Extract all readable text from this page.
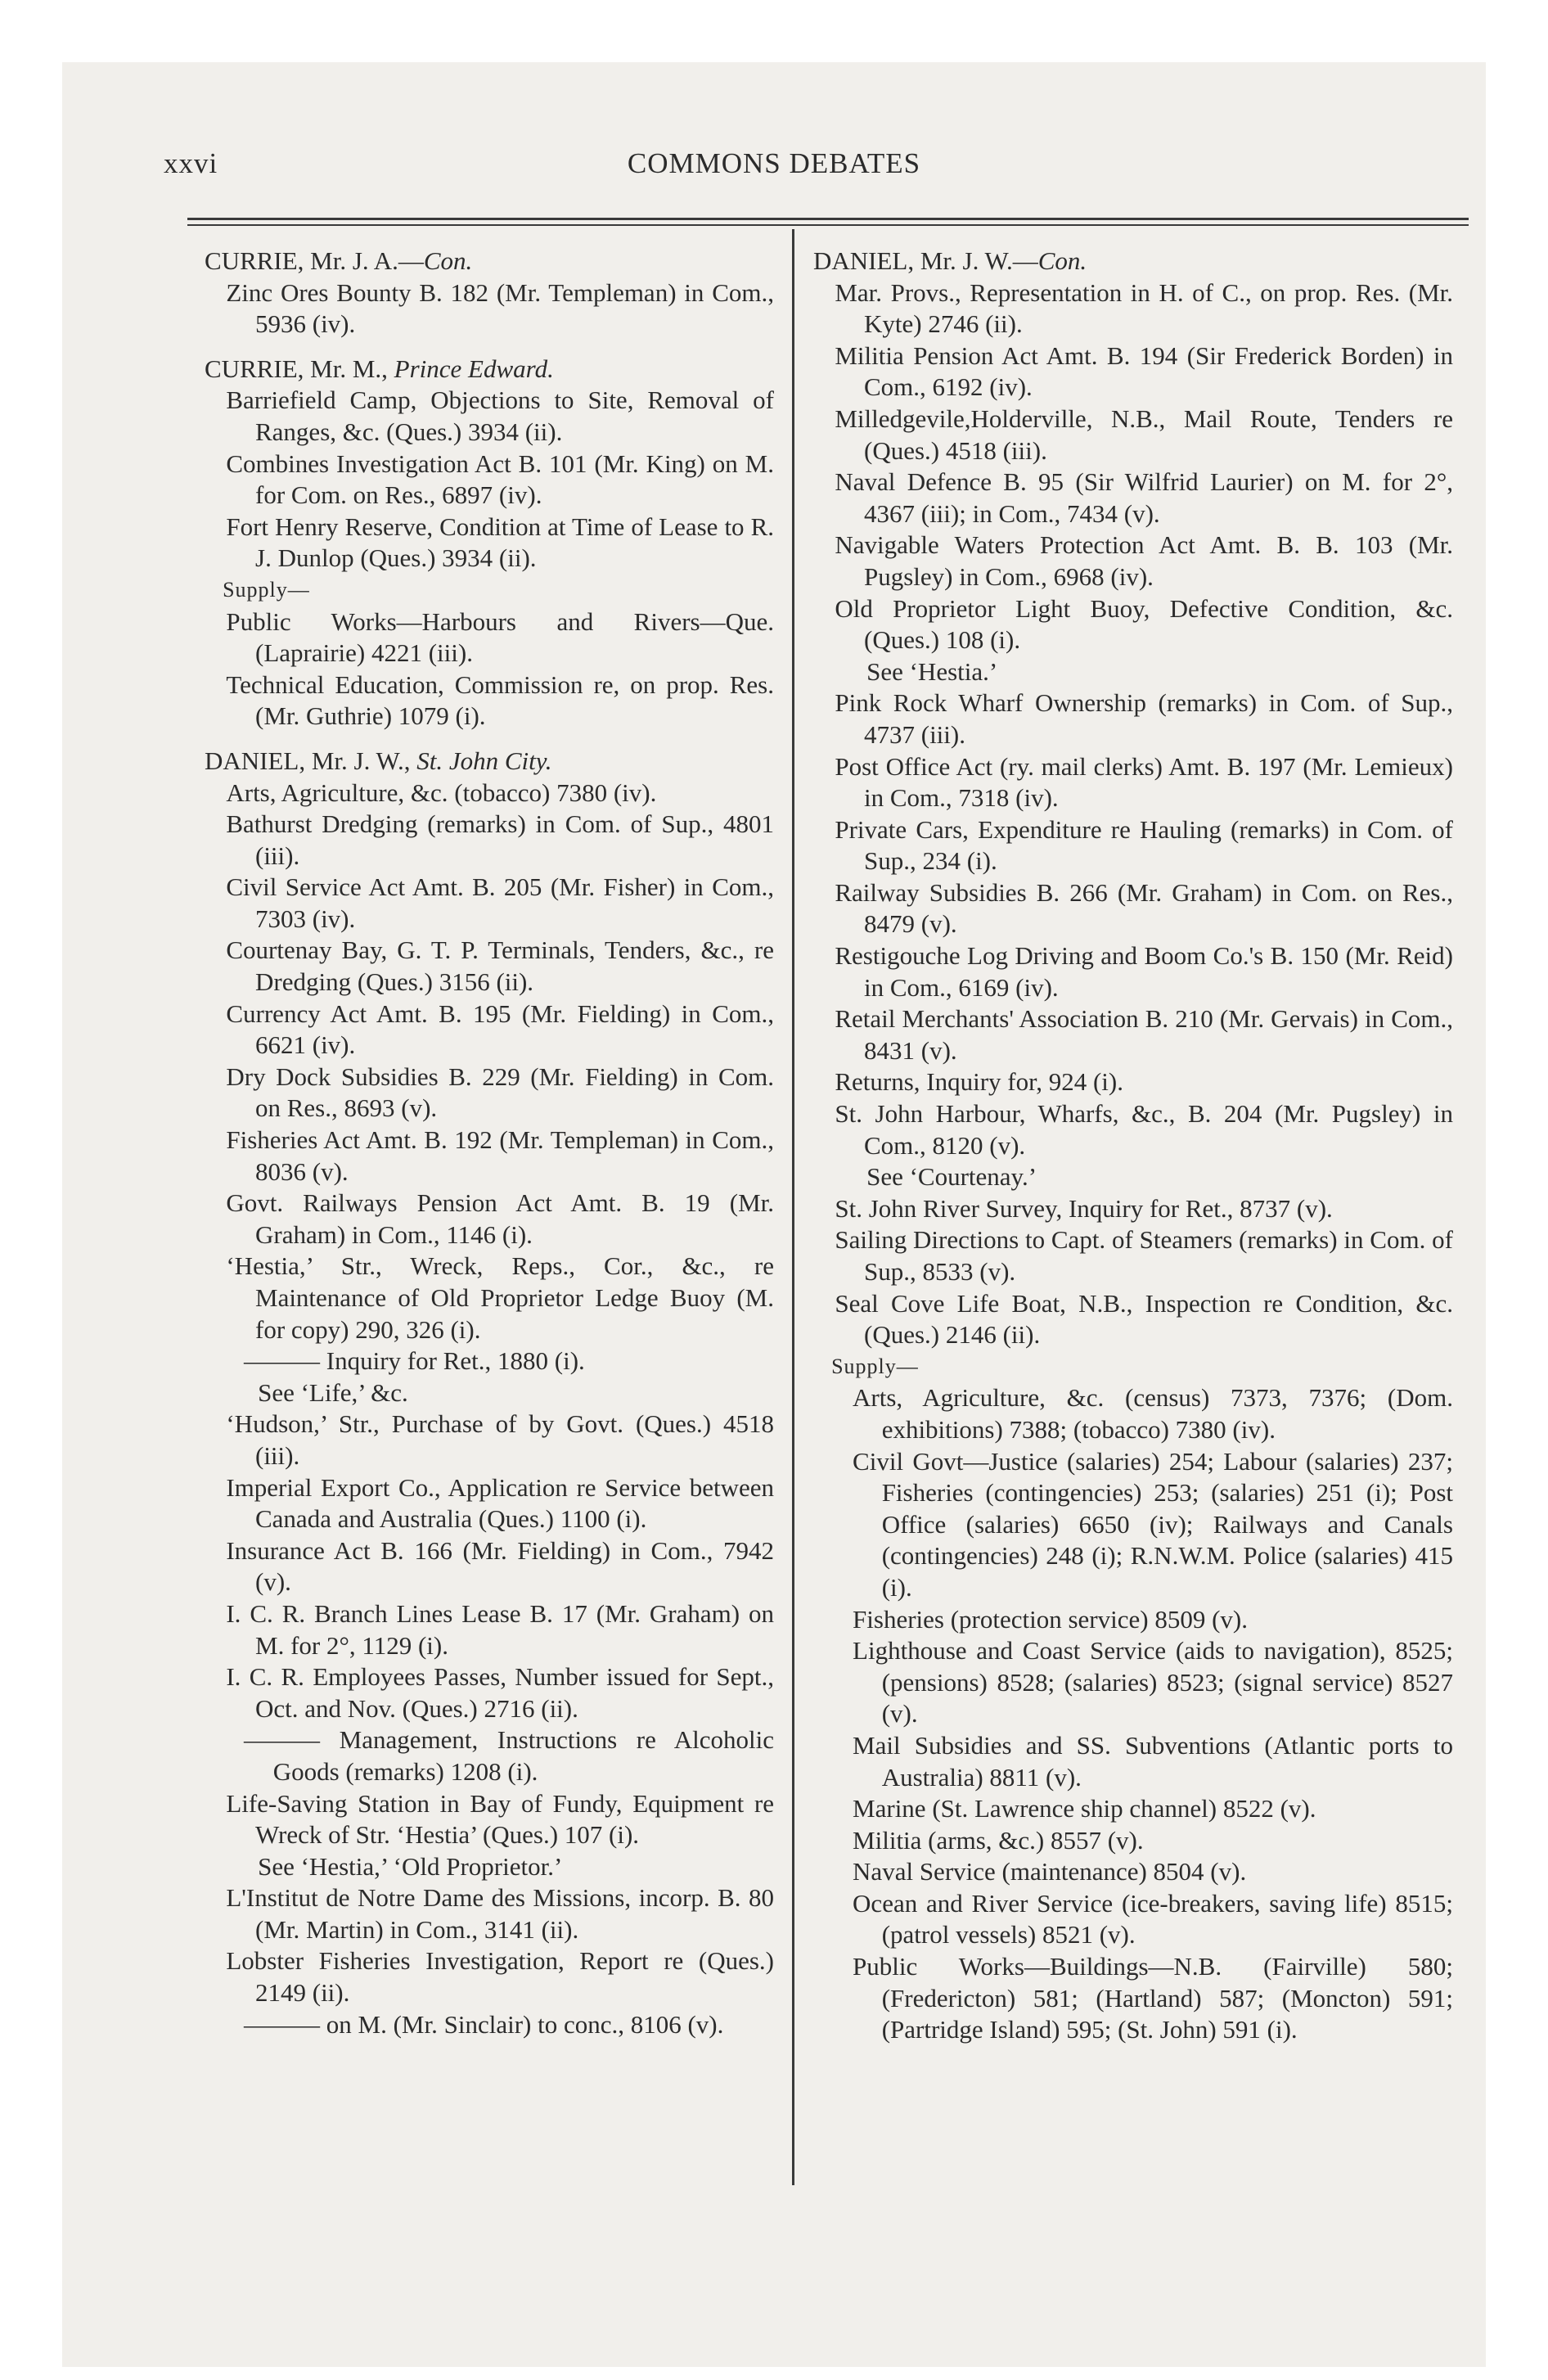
xxvi	COMMONS DEBATES

CURRIE, Mr. J. A.—Con.

Zinc Ores Bounty B. 182 (Mr. Templeman) in Com., 5936 (iv).

CURRIE, Mr. M., Prince Edward.

Barriefield Camp, Objections to Site, Removal of Ranges, &c. (Ques.) 3934 (ii).

Combines Investigation Act B. 101 (Mr. King) on M. for Com. on Res., 6897 (iv).

Fort Henry Reserve, Condition at Time of Lease to R. J. Dunlop (Ques.) 3934 (ii).

Supply—

Public Works—Harbours and Rivers—Que. (Laprairie) 4221 (iii).

Technical Education, Commission re, on prop. Res. (Mr. Guthrie) 1079 (i).

DANIEL, Mr. J. W., St. John City.

Arts, Agriculture, &c. (tobacco) 7380 (iv).

Bathurst Dredging (remarks) in Com. of Sup., 4801 (iii).

Civil Service Act Amt. B. 205 (Mr. Fisher) in Com., 7303 (iv).

Courtenay Bay, G. T. P. Terminals, Tenders, &c., re Dredging (Ques.) 3156 (ii).

Currency Act Amt. B. 195 (Mr. Fielding) in Com., 6621 (iv).

Dry Dock Subsidies B. 229 (Mr. Fielding) in Com. on Res., 8693 (v).

Fisheries Act Amt. B. 192 (Mr. Templeman) in Com., 8036 (v).

Govt. Railways Pension Act Amt. B. 19 (Mr. Graham) in Com., 1146 (i).

‘Hestia,’ Str., Wreck, Reps., Cor., &c., re Maintenance of Old Proprietor Ledge Buoy (M. for copy) 290, 326 (i).

——— Inquiry for Ret., 1880 (i).

See ‘Life,’ &c.

‘Hudson,’ Str., Purchase of by Govt. (Ques.) 4518 (iii).

Imperial Export Co., Application re Service between Canada and Australia (Ques.) 1100 (i).

Insurance Act B. 166 (Mr. Fielding) in Com., 7942 (v).

I. C. R. Branch Lines Lease B. 17 (Mr. Graham) on M. for 2°, 1129 (i).

I. C. R. Employees Passes, Number issued for Sept., Oct. and Nov. (Ques.) 2716 (ii).

——— Management, Instructions re Alcoholic Goods (remarks) 1208 (i).

Life-Saving Station in Bay of Fundy, Equipment re Wreck of Str. ‘Hestia’ (Ques.) 107 (i).

See ‘Hestia,’ ‘Old Proprietor.’

L'Institut de Notre Dame des Missions, incorp. B. 80 (Mr. Martin) in Com., 3141 (ii).

Lobster Fisheries Investigation, Report re (Ques.) 2149 (ii).

——— on M. (Mr. Sinclair) to conc., 8106 (v).

DANIEL, Mr. J. W.—Con.

Mar. Provs., Representation in H. of C., on prop. Res. (Mr. Kyte) 2746 (ii).

Militia Pension Act Amt. B. 194 (Sir Frederick Borden) in Com., 6192 (iv).

Milledgevile,Holderville, N.B., Mail Route, Tenders re (Ques.) 4518 (iii).

Naval Defence B. 95 (Sir Wilfrid Laurier) on M. for 2°, 4367 (iii); in Com., 7434 (v).

Navigable Waters Protection Act Amt. B. B. 103 (Mr. Pugsley) in Com., 6968 (iv).

Old Proprietor Light Buoy, Defective Condition, &c. (Ques.) 108 (i).

See ‘Hestia.’

Pink Rock Wharf Ownership (remarks) in Com. of Sup., 4737 (iii).

Post Office Act (ry. mail clerks) Amt. B. 197 (Mr. Lemieux) in Com., 7318 (iv).

Private Cars, Expenditure re Hauling (remarks) in Com. of Sup., 234 (i).

Railway Subsidies B. 266 (Mr. Graham) in Com. on Res., 8479 (v).

Restigouche Log Driving and Boom Co.'s B. 150 (Mr. Reid) in Com., 6169 (iv).

Retail Merchants' Association B. 210 (Mr. Gervais) in Com., 8431 (v).

Returns, Inquiry for, 924 (i).

St. John Harbour, Wharfs, &c., B. 204 (Mr. Pugsley) in Com., 8120 (v).

See ‘Courtenay.’

St. John River Survey, Inquiry for Ret., 8737 (v).

Sailing Directions to Capt. of Steamers (remarks) in Com. of Sup., 8533 (v).

Seal Cove Life Boat, N.B., Inspection re Condition, &c. (Ques.) 2146 (ii).

Supply—

Arts, Agriculture, &c. (census) 7373, 7376; (Dom. exhibitions) 7388; (tobacco) 7380 (iv).

Civil Govt—Justice (salaries) 254; Labour (salaries) 237; Fisheries (contingencies) 253; (salaries) 251 (i); Post Office (salaries) 6650 (iv); Railways and Canals (contingencies) 248 (i); R.N.W.M. Police (salaries) 415 (i).

Fisheries (protection service) 8509 (v).

Lighthouse and Coast Service (aids to navigation), 8525; (pensions) 8528; (salaries) 8523; (signal service) 8527 (v).

Mail Subsidies and SS. Subventions (Atlantic ports to Australia) 8811 (v).

Marine (St. Lawrence ship channel) 8522 (v).

Militia (arms, &c.) 8557 (v).

Naval Service (maintenance) 8504 (v).

Ocean and River Service (ice-breakers, saving life) 8515; (patrol vessels) 8521 (v).

Public Works—Buildings—N.B. (Fairville) 580; (Fredericton) 581; (Hartland) 587; (Moncton) 591; (Partridge Island) 595; (St. John) 591 (i).
